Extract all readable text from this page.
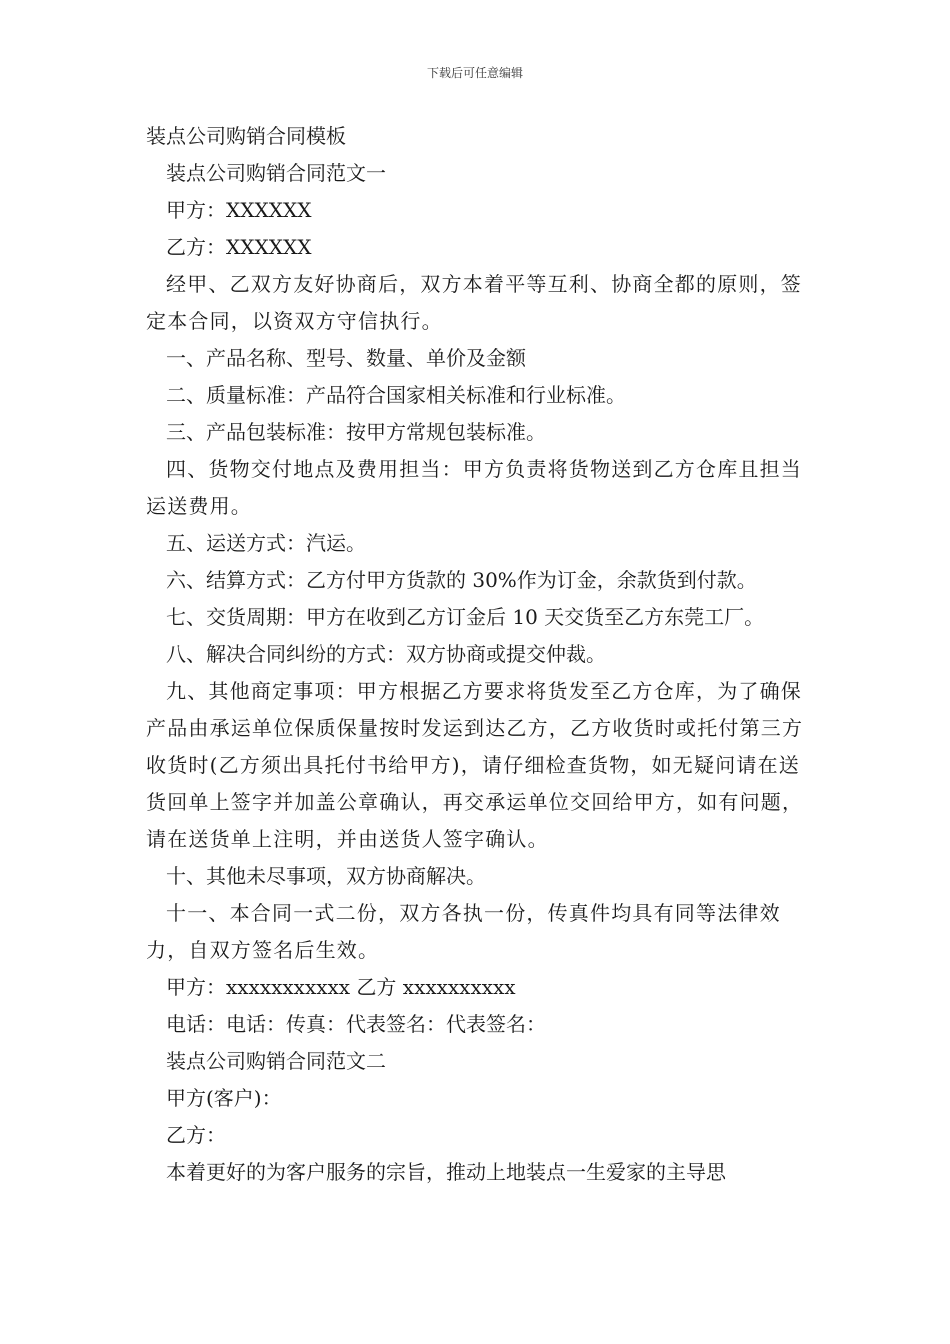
下载后可任意编辑

装点公司购销合同模板

装点公司购销合同范文一

甲方：XXXXXX

乙方：XXXXXX

经甲、乙双方友好协商后，双方本着平等互利、协商全都的原则，签定本合同，以资双方守信执行。

一、产品名称、型号、数量、单价及金额

二、质量标准：产品符合国家相关标准和行业标准。

三、产品包装标准：按甲方常规包装标准。

四、货物交付地点及费用担当：甲方负责将货物送到乙方仓库且担当运送费用。

五、运送方式：汽运。

六、结算方式：乙方付甲方货款的 30%作为订金，余款货到付款。

七、交货周期：甲方在收到乙方订金后 10 天交货至乙方东莞工厂。

八、解决合同纠纷的方式：双方协商或提交仲裁。

九、其他商定事项：甲方根据乙方要求将货发至乙方仓库，为了确保产品由承运单位保质保量按时发运到达乙方，乙方收货时或托付第三方收货时(乙方须出具托付书给甲方)，请仔细检查货物，如无疑问请在送货回单上签字并加盖公章确认，再交承运单位交回给甲方，如有问题，请在送货单上注明，并由送货人签字确认。

十、其他未尽事项，双方协商解决。

十一、本合同一式二份，双方各执一份，传真件均具有同等法律效力，自双方签名后生效。

甲方：xxxxxxxxxxx 乙方 xxxxxxxxxx

电话：电话：传真：代表签名：代表签名：

装点公司购销合同范文二

甲方(客户)：

乙方：

本着更好的为客户服务的宗旨，推动上地装点一生爱家的主导思
